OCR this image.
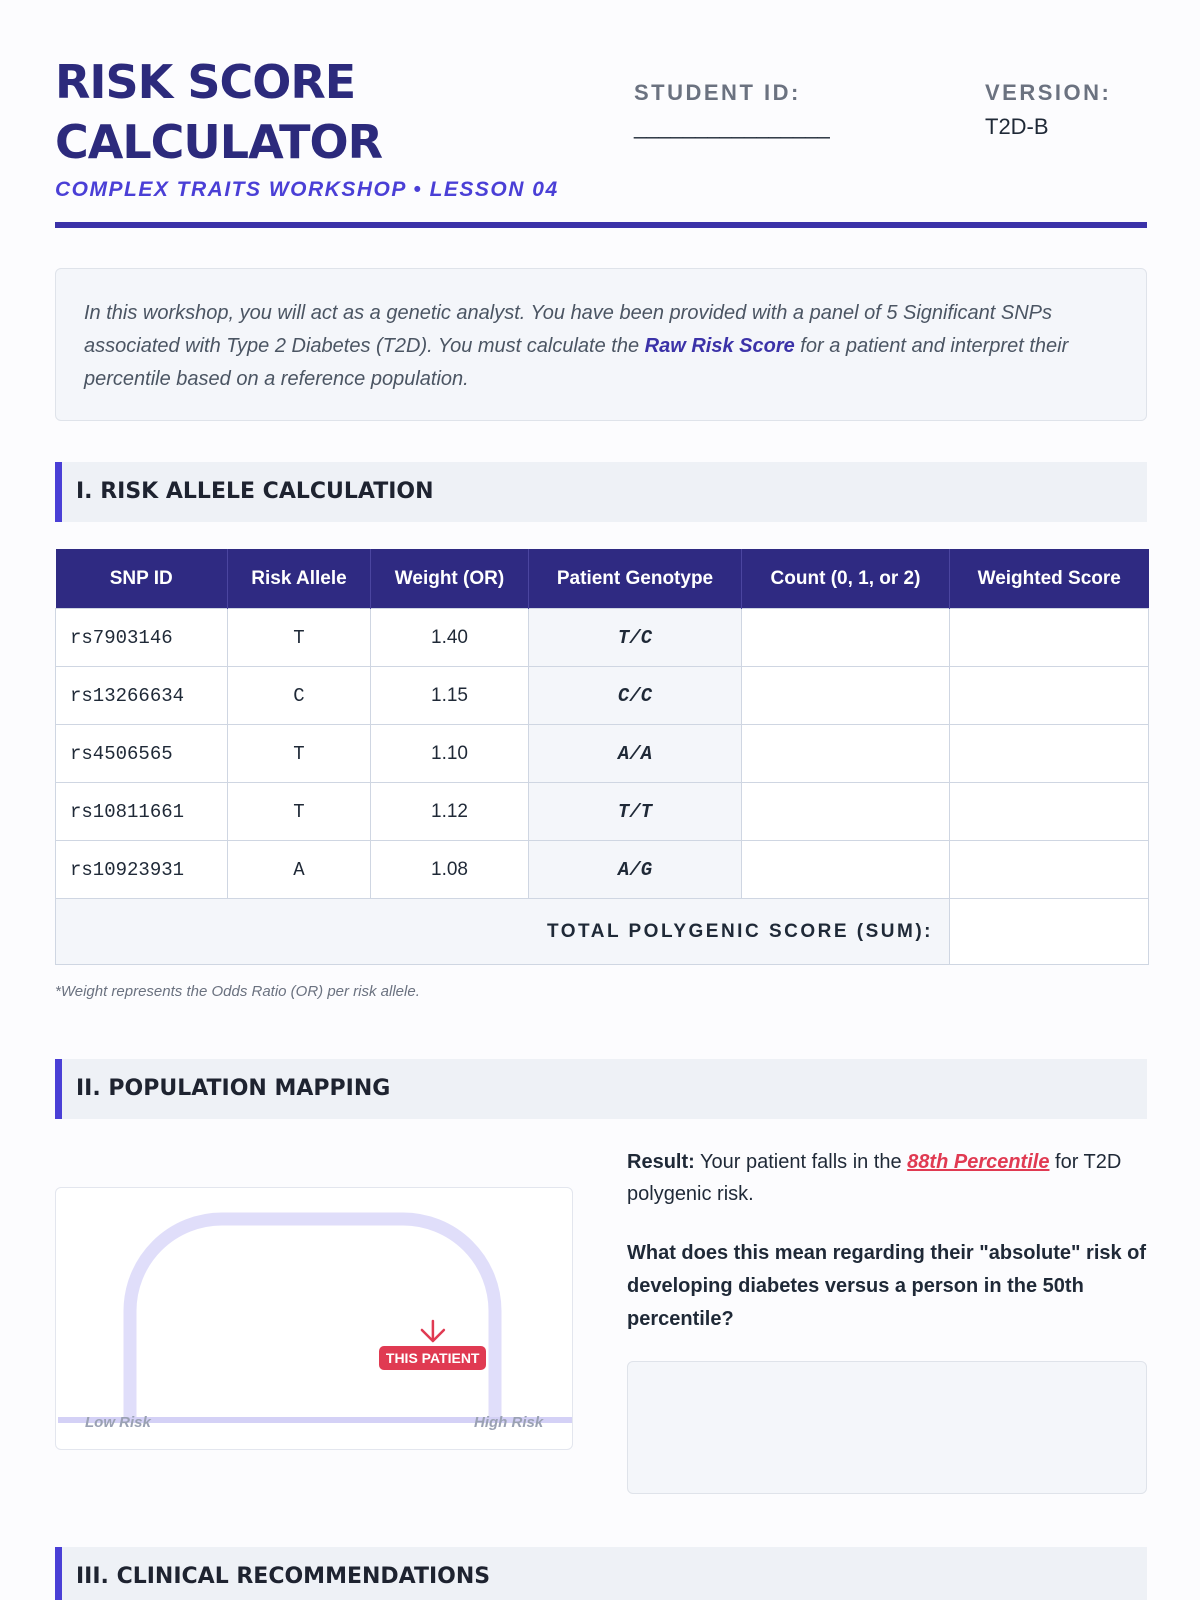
RISK SCORE CALCULATOR
COMPLEX TRAITS WORKSHOP • LESSON 04
STUDENT ID:
________________
VERSION:
T2D-B
In this workshop, you will act as a genetic analyst. You have been provided with a panel of 5 Significant SNPs associated with Type 2 Diabetes (T2D). You must calculate the Raw Risk Score for a patient and interpret their percentile based on a reference population.
I. RISK ALLELE CALCULATION
SNP ID	Risk Allele	Weight (OR)	Patient Genotype	Count (0, 1, or 2)	Weighted Score
rs7903146	T	1.40	T/C		
rs13266634	C	1.15	C/C		
rs4506565	T	1.10	A/A		
rs10811661	T	1.12	T/T		
rs10923931	A	1.08	A/G		
TOTAL POLYGENIC SCORE (SUM):					
*Weight represents the Odds Ratio (OR) per risk allele.
II. POPULATION MAPPING
THIS PATIENT
Low Risk	High Risk
Result: Your patient falls in the 88th Percentile for T2D polygenic risk.
What does this mean regarding their "absolute" risk of developing diabetes versus a person in the 50th percentile?
III. CLINICAL RECOMMENDATIONS
